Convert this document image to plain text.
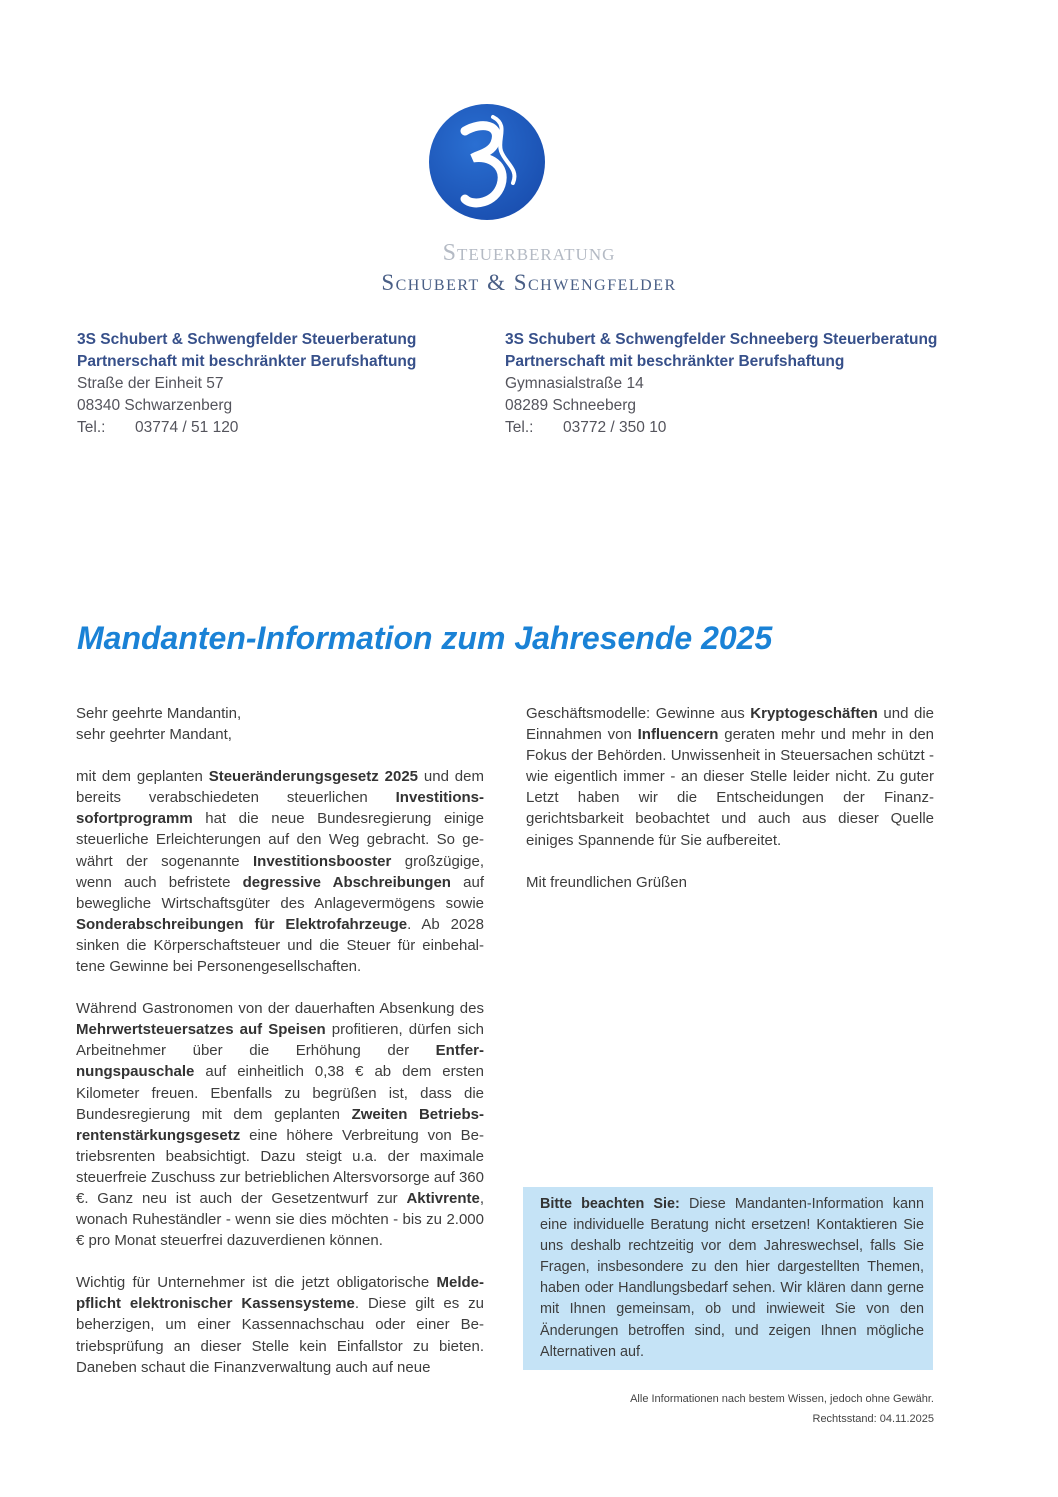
Steuerberatung
Schubert & Schwengfelder
3S Schubert & Schwengfelder Steuerberatung
Partnerschaft mit beschränkter Berufshaftung
Straße der Einheit 57
08340 Schwarzenberg
Tel.: 03774 / 51 120
3S Schubert & Schwengfelder Schneeberg Steuerberatung
Partnerschaft mit beschränkter Berufshaftung
Gymnasialstraße 14
08289 Schneeberg
Tel.: 03772 / 350 10
Mandanten-Information zum Jahresende 2025

Sehr geehrte Mandantin,
sehr geehrter Mandant,

mit dem geplanten Steueränderungsgesetz 2025 und dem bereits verabschiedeten steuerlichen Investitionssofortprogramm hat die neue Bundesregierung einige steuerliche Erleichterungen auf den Weg gebracht. So gewährt der sogenannte Investitionsbooster großzügige, wenn auch befristete degressive Abschreibungen auf bewegliche Wirtschaftsgüter des Anlagevermögens sowie Sonderabschreibungen für Elektrofahrzeuge. Ab 2028 sinken die Körperschaftsteuer und die Steuer für einbehaltene Gewinne bei Personengesellschaften.

Während Gastronomen von der dauerhaften Absenkung des Mehrwertsteuersatzes auf Speisen profitieren, dürfen sich Arbeitnehmer über die Erhöhung der Entfernungspauschale auf einheitlich 0,38 € ab dem ersten Kilometer freuen. Ebenfalls zu begrüßen ist, dass die Bundesregierung mit dem geplanten Zweiten Betriebsrentenstärkungsgesetz eine höhere Verbreitung von Betriebsrenten beabsichtigt. Dazu steigt u.a. der maximale steuerfreie Zuschuss zur betrieblichen Altersvorsorge auf 360 €. Ganz neu ist auch der Gesetzentwurf zur Aktivrente, wonach Ruheständler - wenn sie dies möchten - bis zu 2.000 € pro Monat steuerfrei dazuverdienen können.

Wichtig für Unternehmer ist die jetzt obligatorische Meldepflicht elektronischer Kassensysteme. Diese gilt es zu beherzigen, um einer Kassennachschau oder einer Betriebsprüfung an dieser Stelle kein Einfallstor zu bieten. Daneben schaut die Finanzverwaltung auch auf neue

Geschäftsmodelle: Gewinne aus Kryptogeschäften und die Einnahmen von Influencern geraten mehr und mehr in den Fokus der Behörden. Unwissenheit in Steuersachen schützt - wie eigentlich immer - an dieser Stelle leider nicht. Zu guter Letzt haben wir die Entscheidungen der Finanzgerichtsbarkeit beobachtet und auch aus dieser Quelle einiges Spannende für Sie aufbereitet.

Mit freundlichen Grüßen

Bitte beachten Sie: Diese Mandanten-Information kann eine individuelle Beratung nicht ersetzen! Kontaktieren Sie uns deshalb rechtzeitig vor dem Jahreswechsel, falls Sie Fragen, insbesondere zu den hier dargestellten Themen, haben oder Handlungsbedarf sehen. Wir klären dann gerne mit Ihnen gemeinsam, ob und inwieweit Sie von den Änderungen betroffen sind, und zeigen Ihnen mögliche Alternativen auf.
Alle Informationen nach bestem Wissen, jedoch ohne Gewähr.
Rechtsstand: 04.11.2025
